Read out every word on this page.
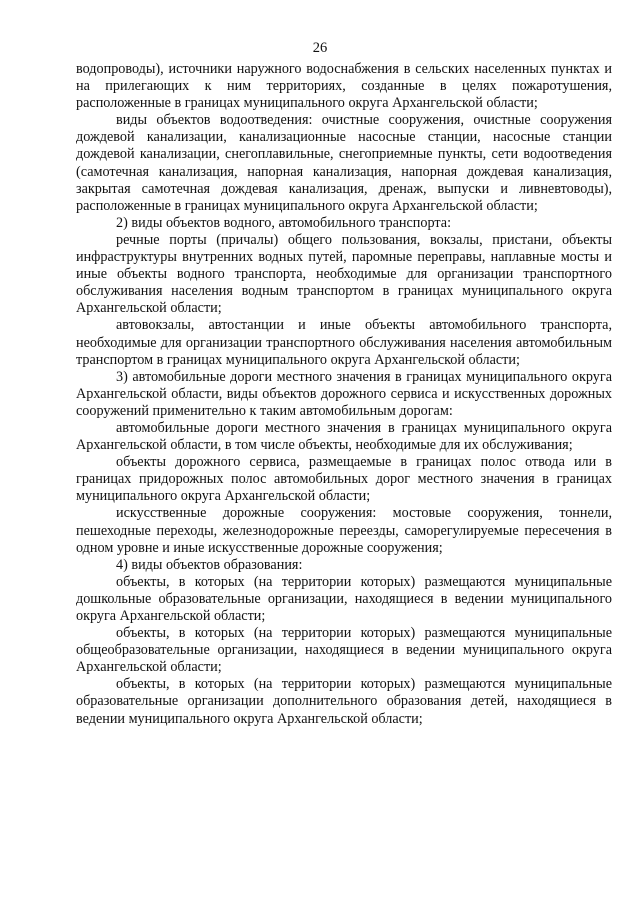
26

водопроводы), источники наружного водоснабжения в сельских населенных пунктах и на прилегающих к ним территориях, созданные в целях пожаротушения, расположенные в границах муниципального округа Архангельской области;

виды объектов водоотведения: очистные сооружения, очистные сооружения дождевой канализации, канализационные насосные станции, насосные станции дождевой канализации, снегоплавильные, снегоприемные пункты, сети водоотведения (самотечная канализация, напорная канализация, напорная дождевая канализация, закрытая самотечная дождевая канализация, дренаж, выпуски и ливневтоводы), расположенные в границах муниципального округа Архангельской области;

2) виды объектов водного, автомобильного транспорта:

речные порты (причалы) общего пользования, вокзалы, пристани, объекты инфраструктуры внутренних водных путей, паромные переправы, наплавные мосты и иные объекты водного транспорта, необходимые для организации транспортного обслуживания населения водным транспортом в границах муниципального округа Архангельской области;

автовокзалы, автостанции и иные объекты автомобильного транспорта, необходимые для организации транспортного обслуживания населения автомобильным транспортом в границах муниципального округа Архангельской области;

3) автомобильные дороги местного значения в границах муниципального округа Архангельской области, виды объектов дорожного сервиса и искусственных дорожных сооружений применительно к таким автомобильным дорогам:

автомобильные дороги местного значения в границах муниципального округа Архангельской области, в том числе объекты, необходимые для их обслуживания;

объекты дорожного сервиса, размещаемые в границах полос отвода или в границах придорожных полос автомобильных дорог местного значения в границах муниципального округа Архангельской области;

искусственные дорожные сооружения: мостовые сооружения, тоннели, пешеходные переходы, железнодорожные переезды, саморегулируемые пересечения в одном уровне и иные искусственные дорожные сооружения;

4) виды объектов образования:

объекты, в которых (на территории которых) размещаются муниципальные дошкольные образовательные организации, находящиеся в ведении муниципального округа Архангельской области;

объекты, в которых (на территории которых) размещаются муниципальные общеобразовательные организации, находящиеся в ведении муниципального округа Архангельской области;

объекты, в которых (на территории которых) размещаются муниципальные образовательные организации дополнительного образования детей, находящиеся в ведении муниципального округа Архангельской области;
